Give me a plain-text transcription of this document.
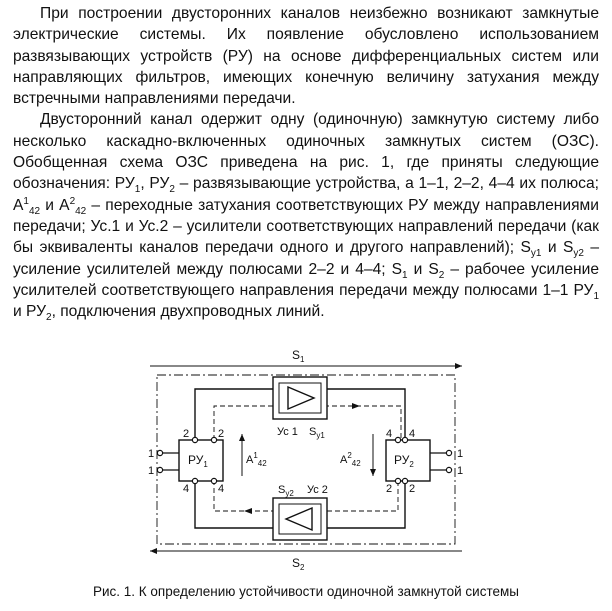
При построении двусторонних каналов неизбежно возникают замкнутые электрические системы. Их появление обусловлено использованием развязывающих устройств (РУ) на основе дифференциальных систем или направляющих фильтров, имеющих конечную величину затухания между встречными направлениями передачи.

Двусторонний канал одержит одну (одиночную) замкнутую систему либо несколько каскадно-включенных одиночных замкнутых систем (ОЗС). Обобщенная схема ОЗС приведена на рис. 1, где приняты следующие обозначения: $РУ_1$, $РУ_2$ – развязывающие устройства, а 1–1, 2–2, 4–4 их полюса; $A^1_{42}$ и $A^2_{42}$ – переходные затухания соответствующих РУ между направлениями передачи; Ус.1 и Ус.2 – усилители соответствующих направлений передачи (как бы эквиваленты каналов передачи одного и другого направлений); $S_{y1}$ и $S_{y2}$ – усиление усилителей между полюсами 2–2 и 4–4; $S_1$ и $S_2$ – рабочее усиление усилителей соответствующего направления передачи между полюсами 1–1 $РУ_1$ и $РУ_2$, подключения двухпроводных линий.

$S_1$
$S_2$
Ус 1 $S_{у1}$
$S_{у2}$ Ус 2
$РУ_1$	$РУ_2$
2	2
4	4
4 4
2 2
1
1
1
1
$A^1_{42}$	$A^2_{42}$
Рис. 1. К определению устойчивости одиночной замкнутой системы
